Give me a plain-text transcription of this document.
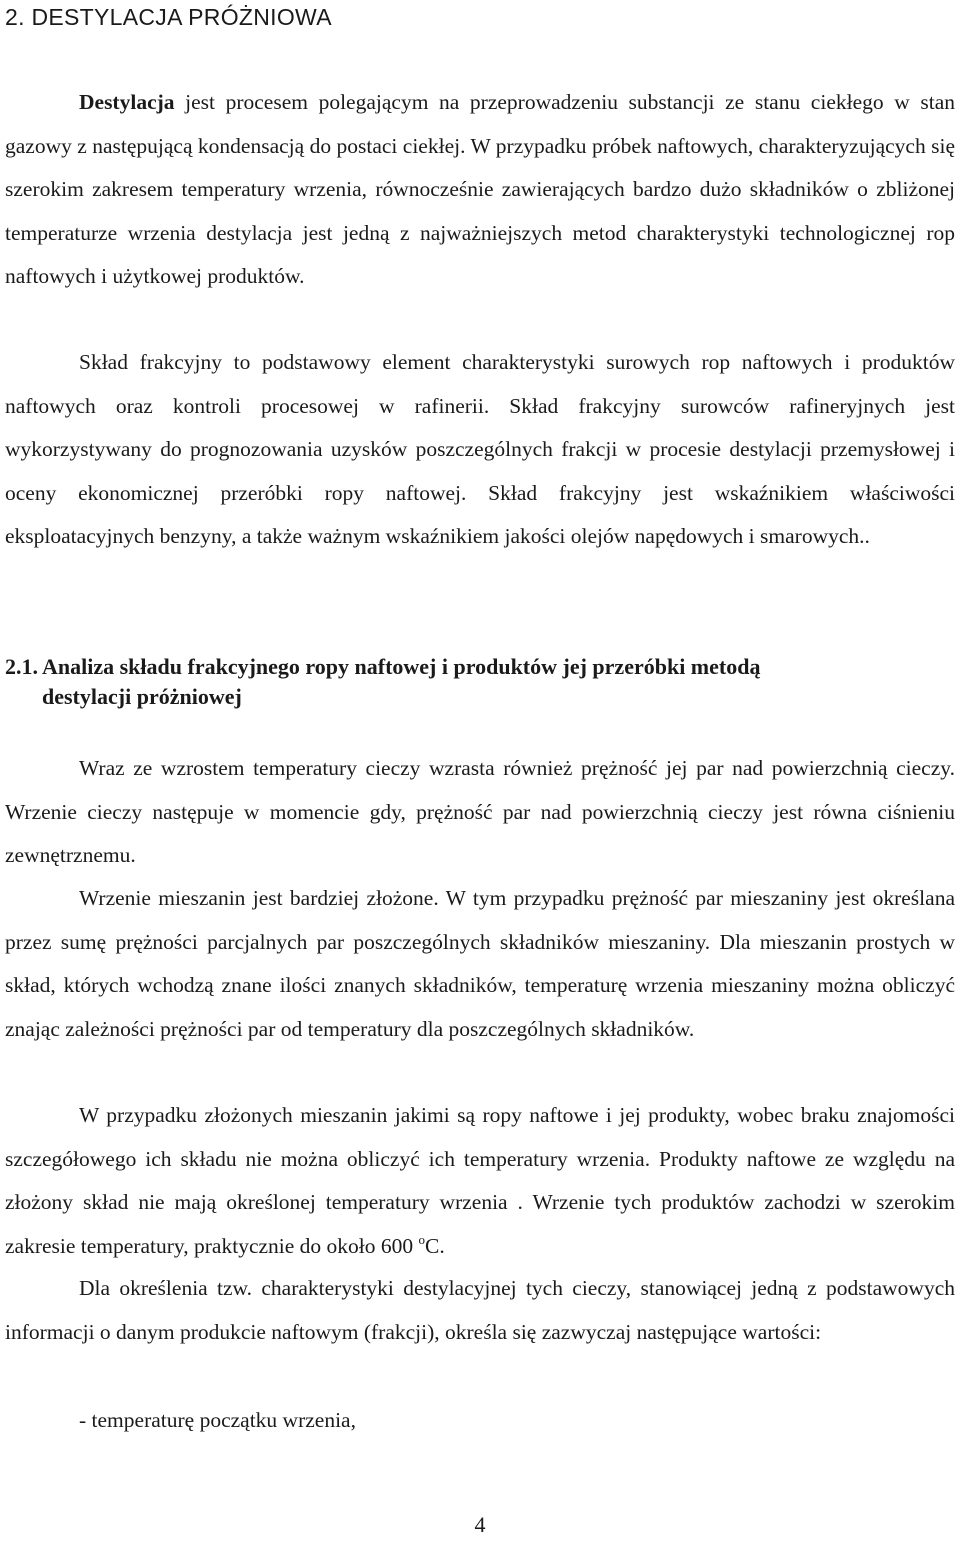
2. DESTYLACJA PRÓŻNIOWA

Destylacja jest procesem polegającym na przeprowadzeniu substancji ze stanu ciekłego w stan gazowy z następującą kondensacją do postaci ciekłej. W przypadku próbek naftowych, charakteryzujących się szerokim zakresem temperatury wrzenia, równocześnie zawierających bardzo dużo składników o zbliżonej temperaturze wrzenia destylacja jest jedną z najważniejszych metod charakterystyki technologicznej rop naftowych i użytkowej produktów.

Skład frakcyjny to podstawowy element charakterystyki surowych rop naftowych i produktów naftowych oraz kontroli procesowej w rafinerii. Skład frakcyjny surowców rafineryjnych jest wykorzystywany do prognozowania uzysków poszczególnych frakcji w procesie destylacji przemysłowej i oceny ekonomicznej przeróbki ropy naftowej. Skład frakcyjny jest wskaźnikiem właściwości eksploatacyjnych benzyny, a także ważnym wskaźnikiem jakości olejów napędowych i smarowych..

2.1. Analiza składu frakcyjnego ropy naftowej i produktów jej przeróbki metodą
destylacji próżniowej

Wraz ze wzrostem temperatury cieczy wzrasta również prężność jej par nad powierzchnią cieczy. Wrzenie cieczy następuje w momencie gdy, prężność par nad powierzchnią cieczy jest równa ciśnieniu zewnętrznemu.

Wrzenie mieszanin jest bardziej złożone. W tym przypadku prężność par mieszaniny jest określana przez sumę prężności parcjalnych par poszczególnych składników mieszaniny. Dla mieszanin prostych w skład, których wchodzą znane ilości znanych składników, temperaturę wrzenia mieszaniny można obliczyć znając zależności prężności par od temperatury dla poszczególnych składników.

W przypadku złożonych mieszanin jakimi są ropy naftowe i jej produkty, wobec braku znajomości szczegółowego ich składu nie można obliczyć ich temperatury wrzenia. Produkty naftowe ze względu na złożony skład nie mają określonej temperatury wrzenia . Wrzenie tych produktów zachodzi w szerokim zakresie temperatury, praktycznie do około 600 $^o$C.

Dla określenia tzw. charakterystyki destylacyjnej tych cieczy, stanowiącej jedną z podstawowych informacji o danym produkcie naftowym (frakcji), określa się zazwyczaj następujące wartości:

- temperaturę początku wrzenia,

4
